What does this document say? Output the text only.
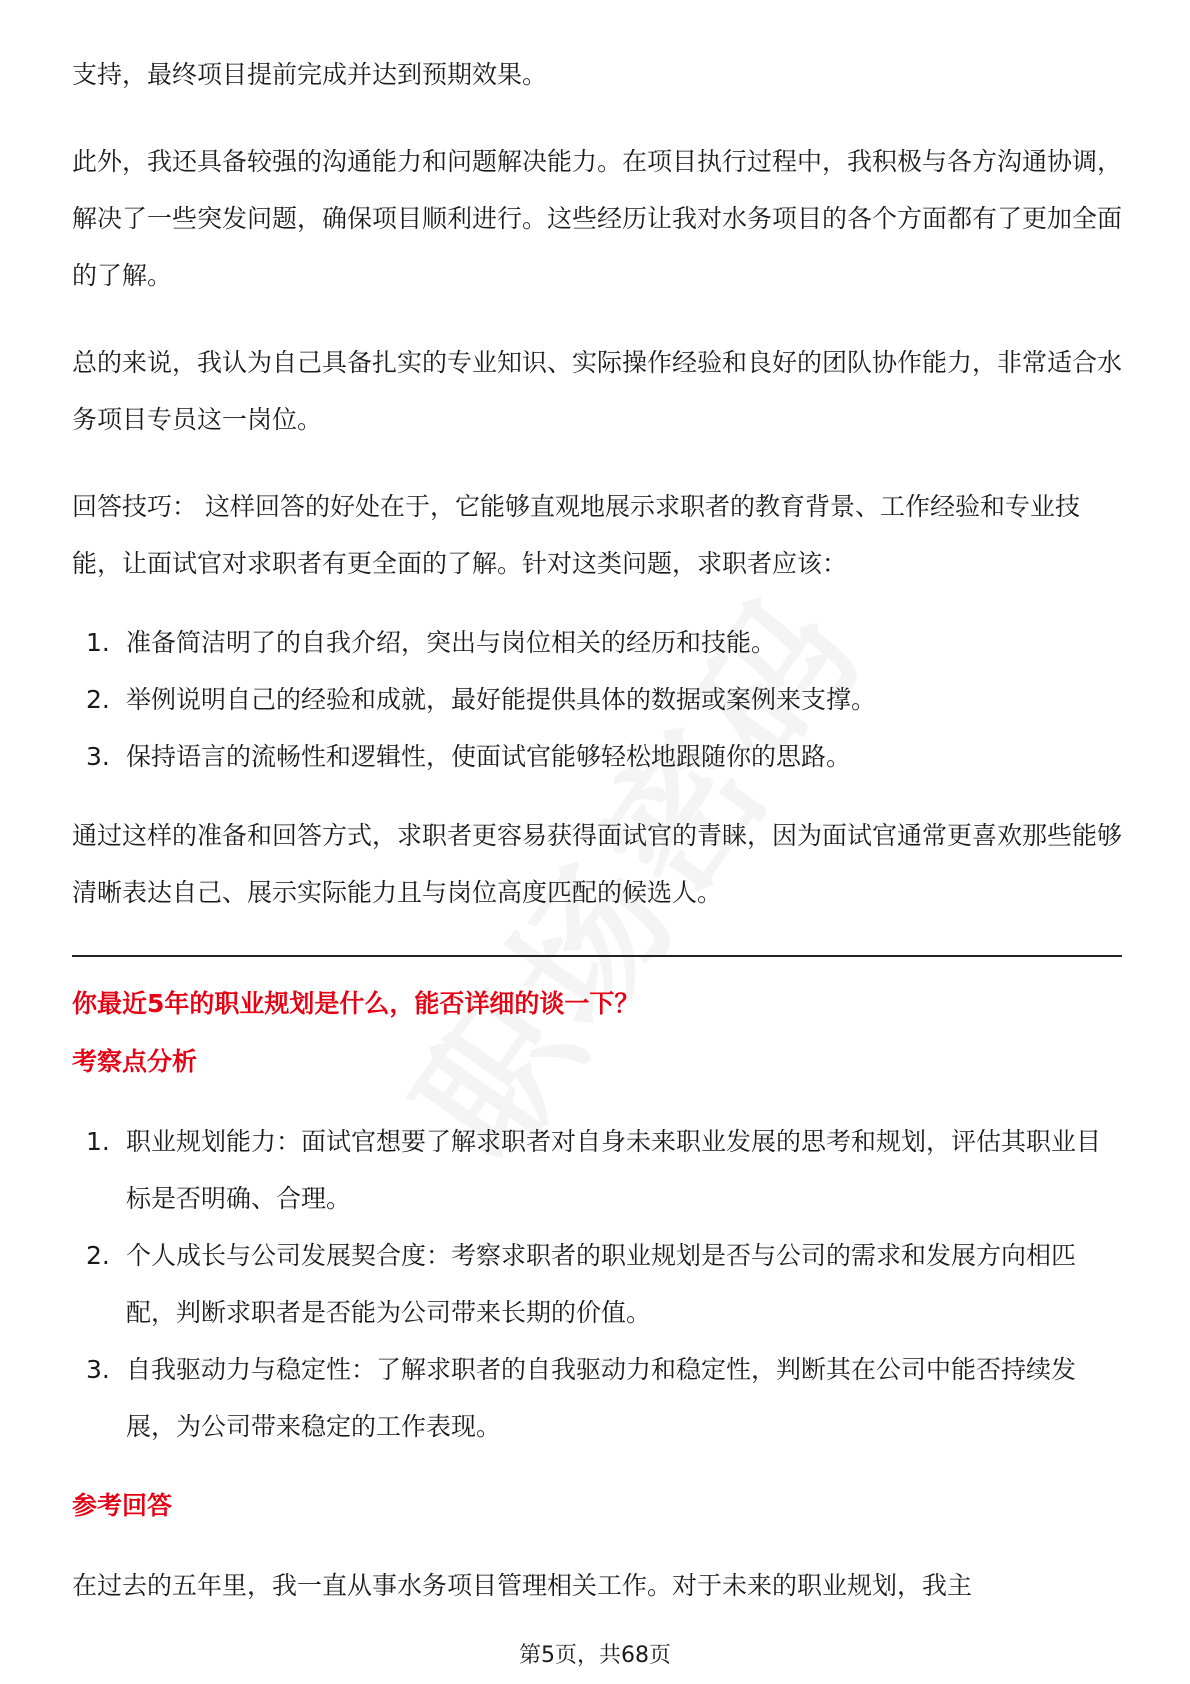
支持，最终项目提前完成并达到预期效果。

此外，我还具备较强的沟通能力和问题解决能力。在项目执行过程中，我积极与各方沟通协调，解决了一些突发问题，确保项目顺利进行。这些经历让我对水务项目的各个方面都有了更加全面的了解。

总的来说，我认为自己具备扎实的专业知识、实际操作经验和良好的团队协作能力，非常适合水务项目专员这一岗位。

回答技巧： 这样回答的好处在于，它能够直观地展示求职者的教育背景、工作经验和专业技能，让面试官对求职者有更全面的了解。针对这类问题，求职者应该：

1. 准备简洁明了的自我介绍，突出与岗位相关的经历和技能。
2. 举例说明自己的经验和成就，最好能提供具体的数据或案例来支撑。
3. 保持语言的流畅性和逻辑性，使面试官能够轻松地跟随你的思路。

通过这样的准备和回答方式，求职者更容易获得面试官的青睐，因为面试官通常更喜欢那些能够清晰表达自己、展示实际能力且与岗位高度匹配的候选人。

你最近5年的职业规划是什么，能否详细的谈一下？

考察点分析

1. 职业规划能力：面试官想要了解求职者对自身未来职业发展的思考和规划，评估其职业目标是否明确、合理。
2. 个人成长与公司发展契合度：考察求职者的职业规划是否与公司的需求和发展方向相匹配，判断求职者是否能为公司带来长期的价值。
3. 自我驱动力与稳定性：了解求职者的自我驱动力和稳定性，判断其在公司中能否持续发展，为公司带来稳定的工作表现。

参考回答

在过去的五年里，我一直从事水务项目管理相关工作。对于未来的职业规划，我主

第5页，共68页
